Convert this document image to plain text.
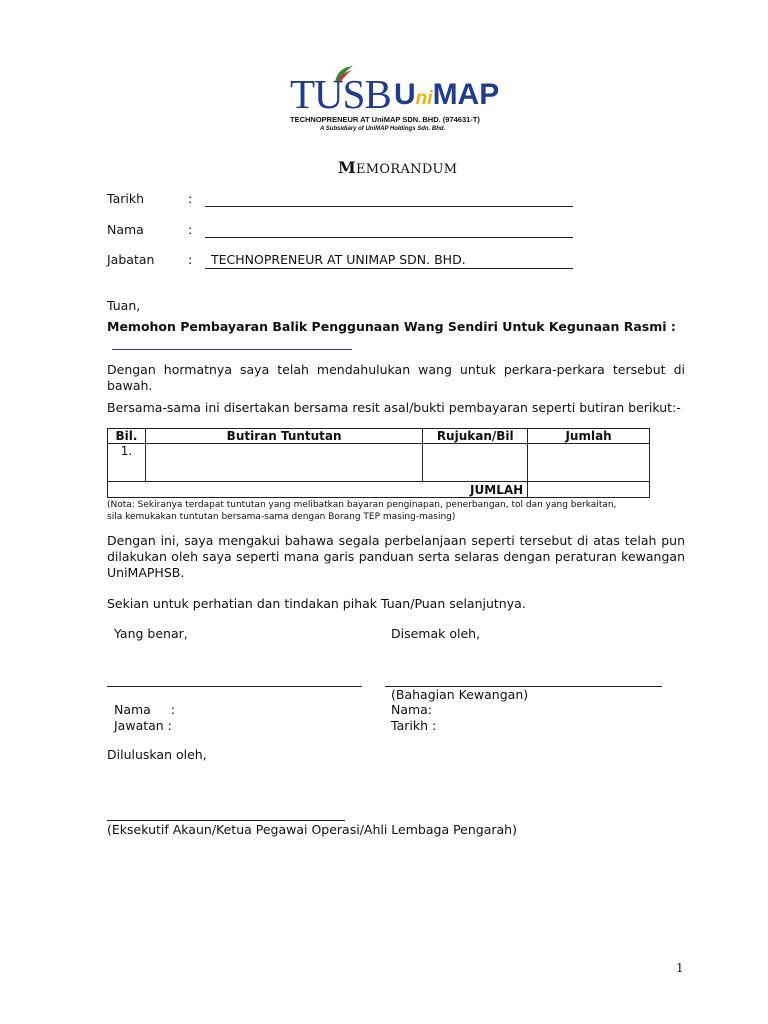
TUSB UniMAP
TECHNOPRENEUR AT UniMAP SDN. BHD. (974631-T)
A Subsidiary of UniMAP Holdings Sdn. Bhd.
MEMORANDUM
Tarikh	:
Nama	:
Jabatan	: TECHNOPRENEUR AT UNIMAP SDN. BHD.
Tuan,
Memohon Pembayaran Balik Penggunaan Wang Sendiri Untuk Kegunaan Rasmi :
Dengan hormatnya saya telah mendahulukan wang untuk perkara-perkara tersebut di bawah.
Bersama-sama ini disertakan bersama resit asal/bukti pembayaran seperti butiran berikut:-
Bil.	Butiran Tuntutan	Rujukan/Bil	Jumlah
1.			
JUMLAH			
(Nota: Sekiranya terdapat tuntutan yang melibatkan bayaran penginapan, penerbangan, tol dan yang berkaitan,
sila kemukakan tuntutan bersama-sama dengan Borang TEP masing-masing)
Dengan ini, saya mengakui bahawa segala perbelanjaan seperti tersebut di atas telah pun dilakukan oleh saya seperti mana garis panduan serta selaras dengan peraturan kewangan UniMAPHSB.
Sekian untuk perhatian dan tindakan pihak Tuan/Puan selanjutnya.
Yang benar,	Disemak oleh,
(Bahagian Kewangan)
Nama     :	Nama:
Jawatan :	Tarikh :
Diluluskan oleh,
(Eksekutif Akaun/Ketua Pegawai Operasi/Ahli Lembaga Pengarah)
1
